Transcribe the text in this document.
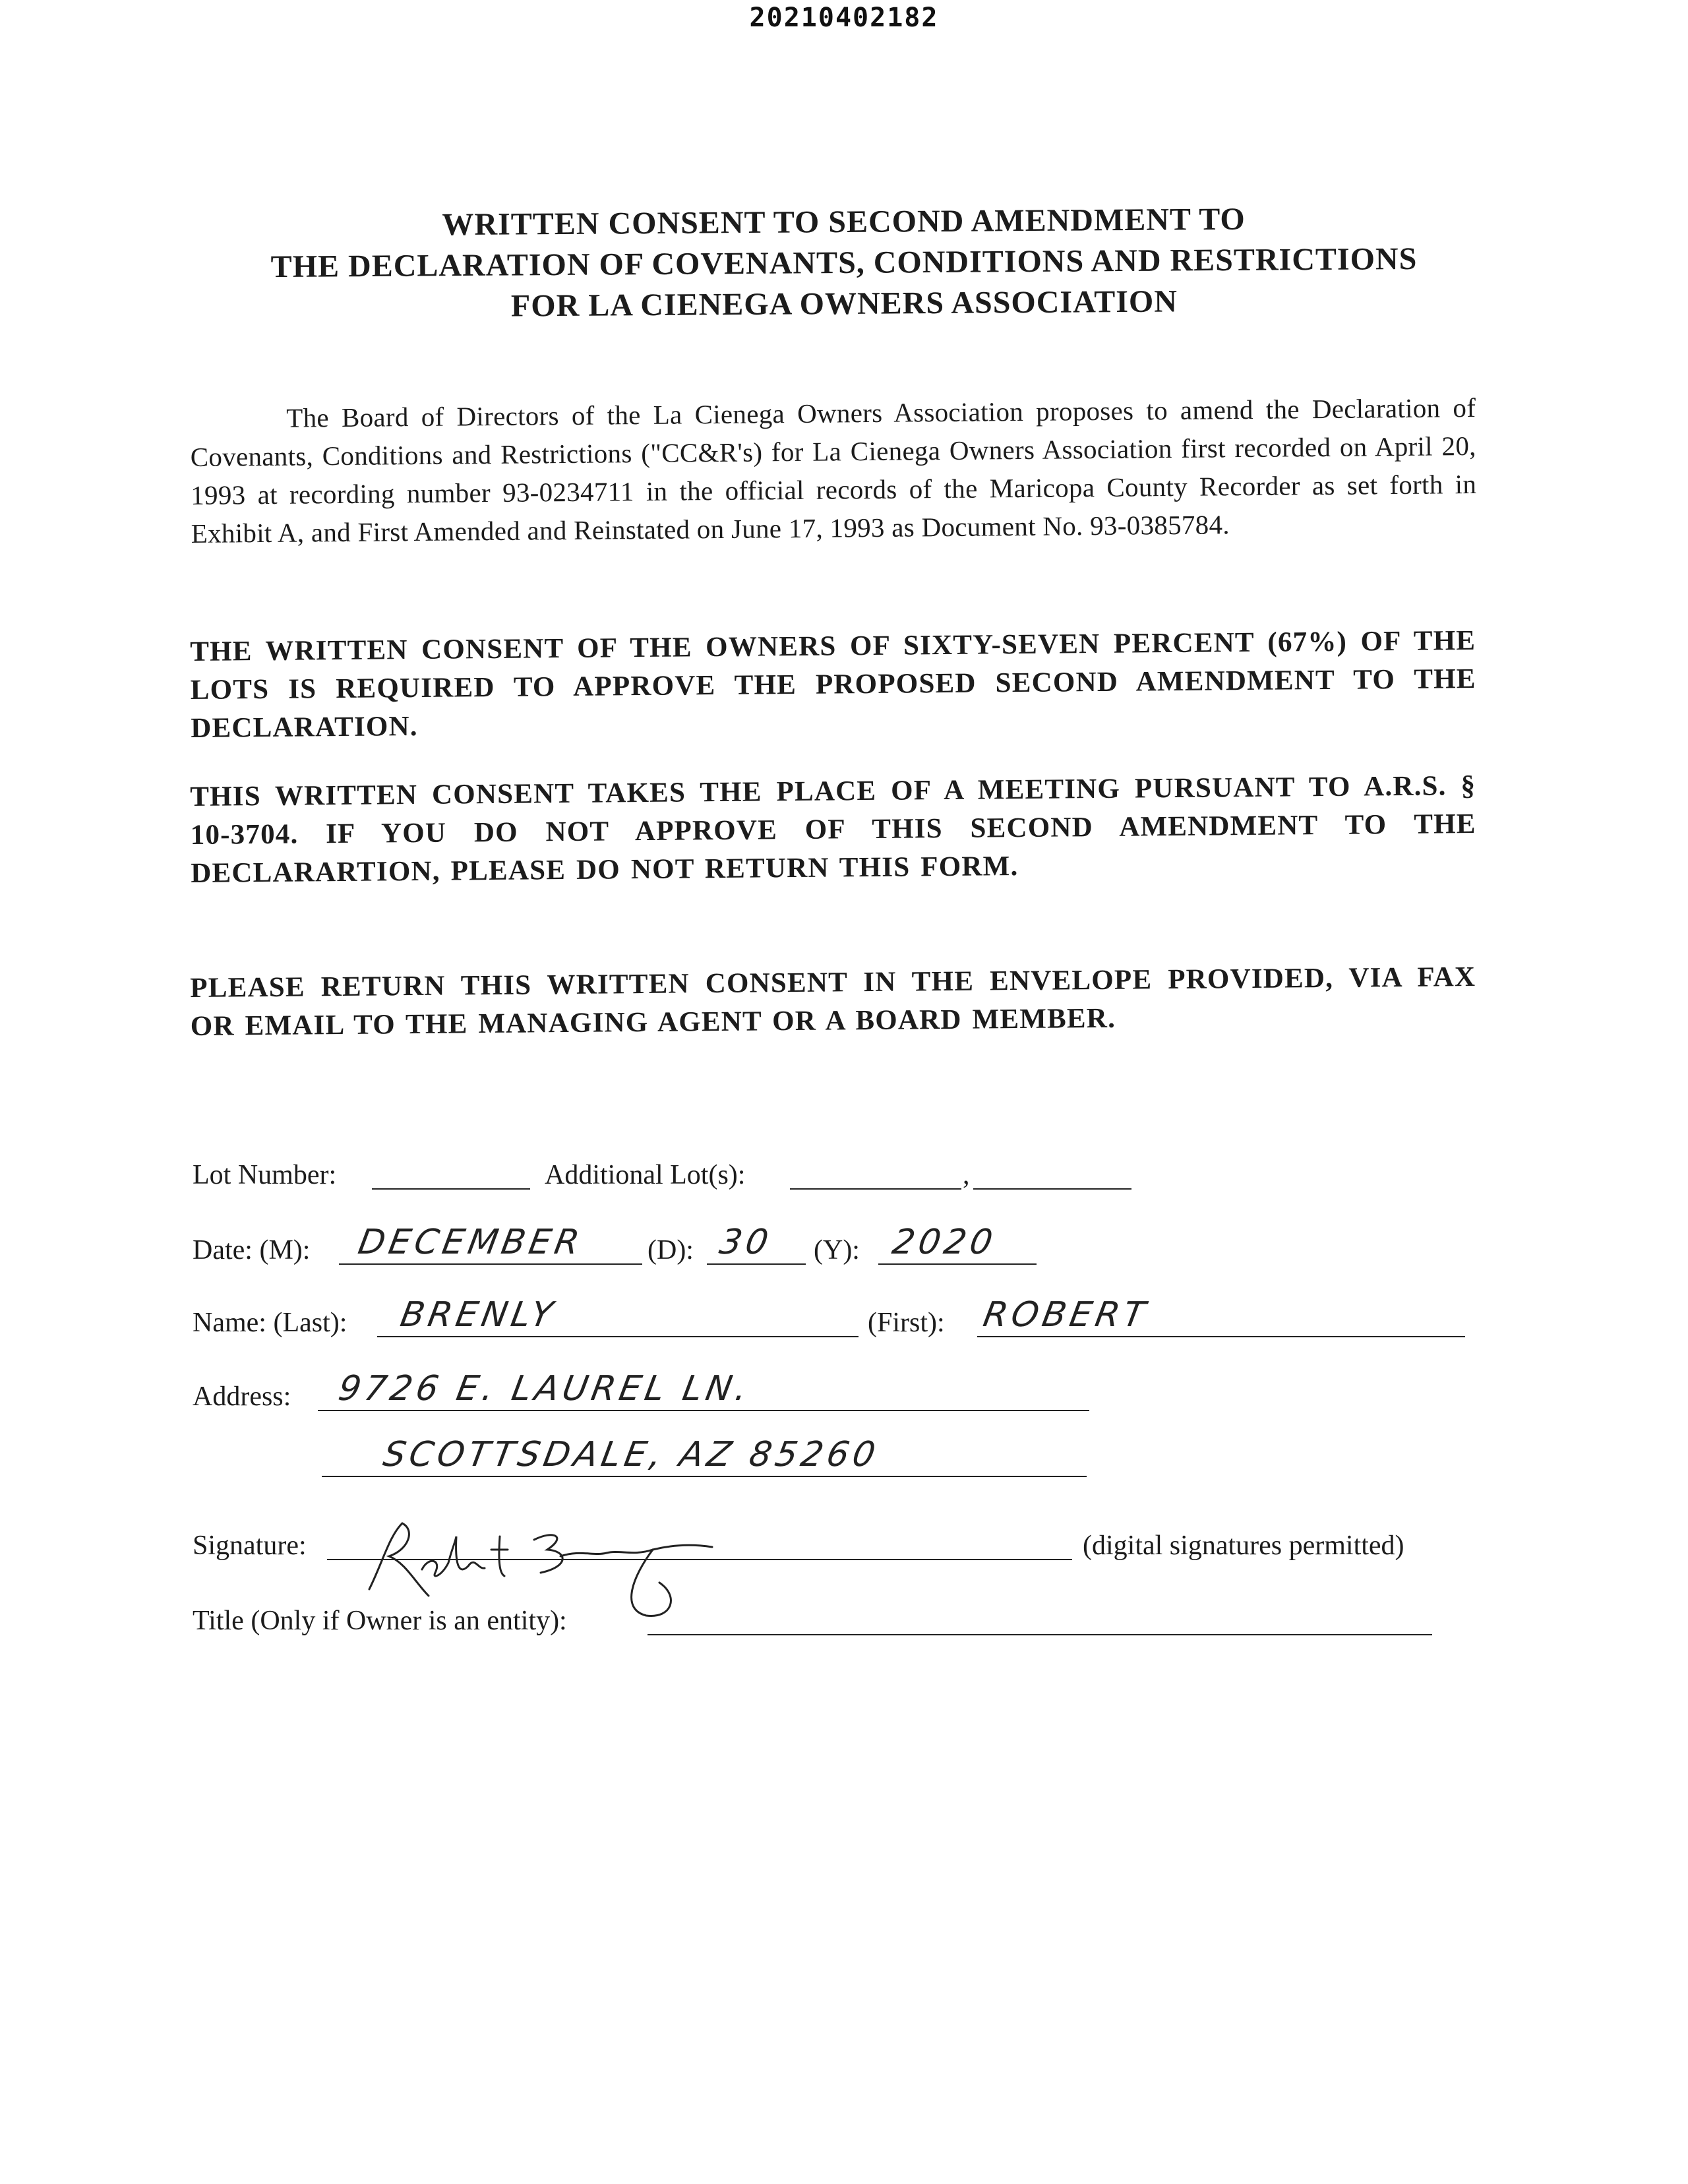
20210402182
WRITTEN CONSENT TO SECOND AMENDMENT TO
THE DECLARATION OF COVENANTS, CONDITIONS AND RESTRICTIONS
FOR LA CIENEGA OWNERS ASSOCIATION
The Board of Directors of the La Cienega Owners Association proposes to amend the Declaration of Covenants, Conditions and Restrictions ("CC&R's) for La Cienega Owners Association first recorded on April 20, 1993 at recording number 93-0234711 in the official records of the Maricopa County Recorder as set forth in Exhibit A, and First Amended and Reinstated on June 17, 1993 as Document No. 93-0385784.
THE WRITTEN CONSENT OF THE OWNERS OF SIXTY-SEVEN PERCENT (67%) OF THE LOTS IS REQUIRED TO APPROVE THE PROPOSED SECOND AMENDMENT TO THE DECLARATION.
THIS WRITTEN CONSENT TAKES THE PLACE OF A MEETING PURSUANT TO A.R.S. § 10-3704. IF YOU DO NOT APPROVE OF THIS SECOND AMENDMENT TO THE DECLARARTION, PLEASE DO NOT RETURN THIS FORM.
PLEASE RETURN THIS WRITTEN CONSENT IN THE ENVELOPE PROVIDED, VIA FAX OR EMAIL TO THE MANAGING AGENT OR A BOARD MEMBER.
Lot Number:	Additional Lot(s):	,
Date: (M): DECEMBER (D): 30 (Y): 2020
Name: (Last): BRENLY	(First): ROBERT
Address: 9726 E. LAUREL LN.
SCOTTSDALE, AZ 85260
Signature:	(digital signatures permitted)
Title (Only if Owner is an entity):
